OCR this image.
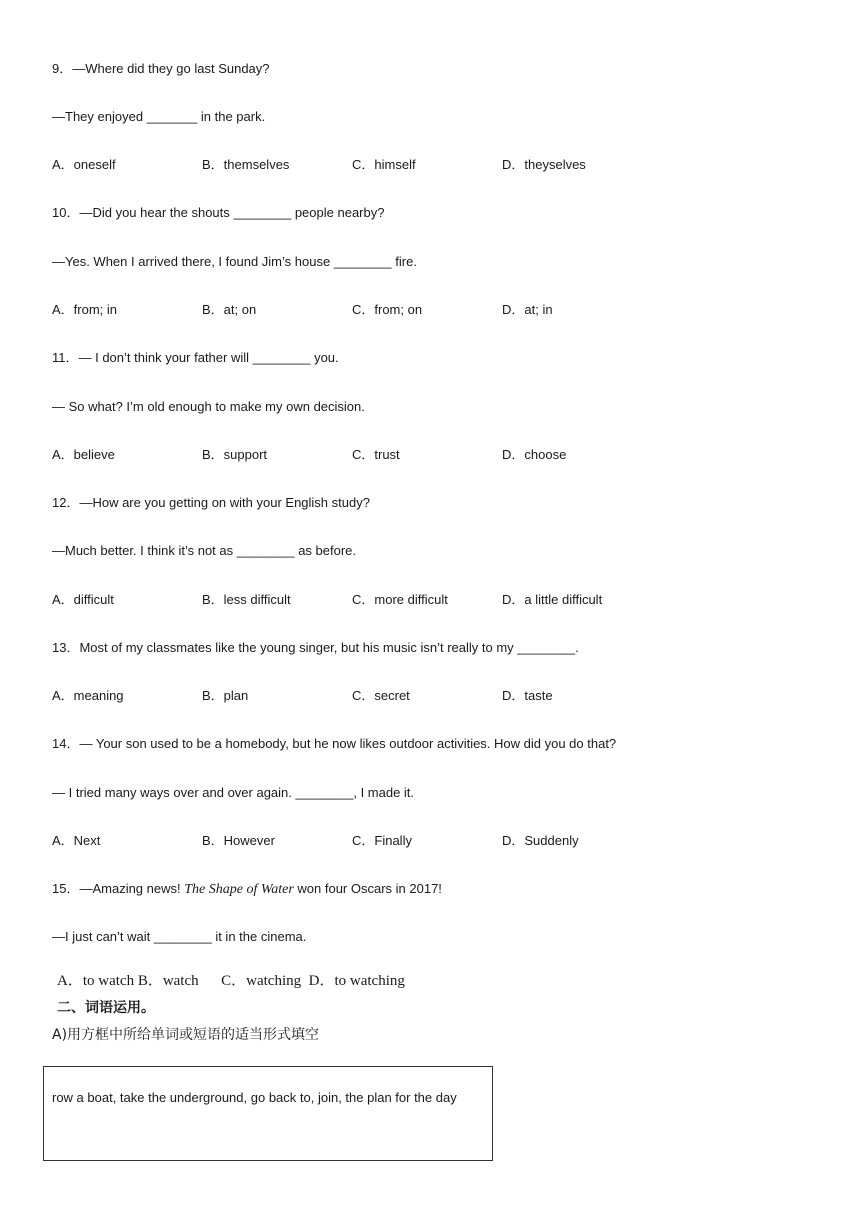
9．—Where did they go last Sunday?
—They enjoyed _______ in the park.
A．oneself	B．themselves	C．himself	D．theyselves
10．—Did you hear the shouts ________ people nearby?
—Yes. When I arrived there, I found Jim’s house ________ fire.
A．from; in	B．at; on	C．from; on	D．at; in
11．— I don’t think your father will ________ you.
— So what? I’m old enough to make my own decision.
A．believe	B．support	C．trust	D．choose
12．—How are you getting on with your English study?
—Much better. I think it’s not as ________ as before.
A．difficult	B．less difficult	C．more difficult	D．a little difficult
13．Most of my classmates like the young singer, but his music isn’t really to my ________.
A．meaning	B．plan	C．secret	D．taste
14．— Your son used to be a homebody, but he now likes outdoor activities. How did you do that?
— I tried many ways over and over again. ________, I made it.
A．Next	B．However	C．Finally	D．Suddenly
15．—Amazing news! The Shape of Water won four Oscars in 2017!
—I just can’t wait ________ it in the cinema.
A．to watch B．watch      C．watching  D．to watching
二、词语运用。
A)用方框中所给单词或短语的适当形式填空
row a boat, take the underground, go back to, join, the plan for the day
